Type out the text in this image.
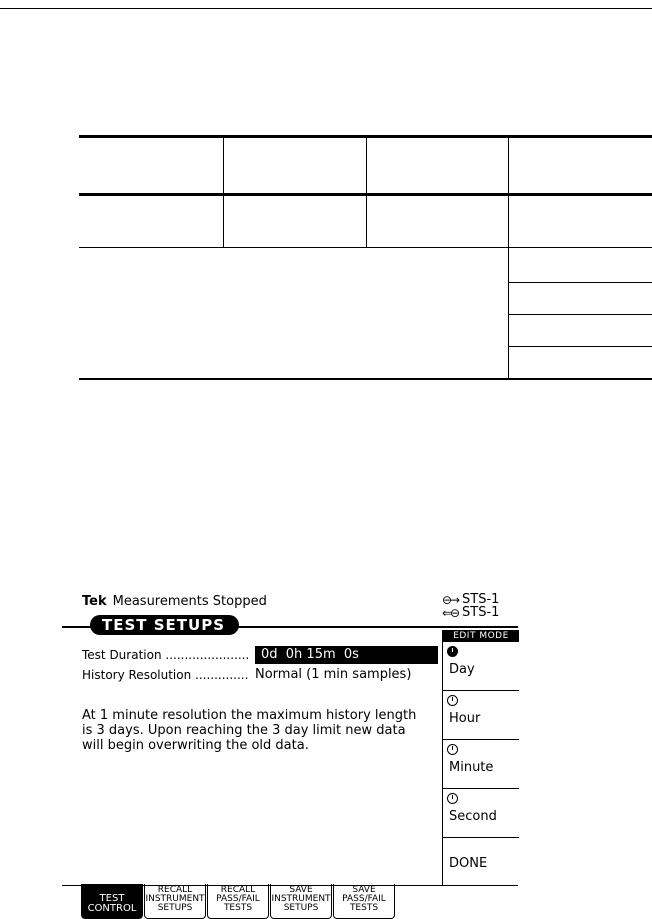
Tek Measurements Stopped	⊖→ STS-1
⇐⊖ STS-1
TEST SETUPS
Test Duration ...................... 0d  0h 15m  0s
History Resolution .............. Normal (1 min samples)
At 1 minute resolution the maximum history length is 3 days. Upon reaching the 3 day limit new data will begin overwriting the old data.
EDIT MODE
Day
Hour
Minute
Second
DONE
TEST
CONTROL
RECALL
INSTRUMENT
SETUPS
RECALL
PASS/FAIL
TESTS
SAVE
INSTRUMENT
SETUPS
SAVE
PASS/FAIL
TESTS
